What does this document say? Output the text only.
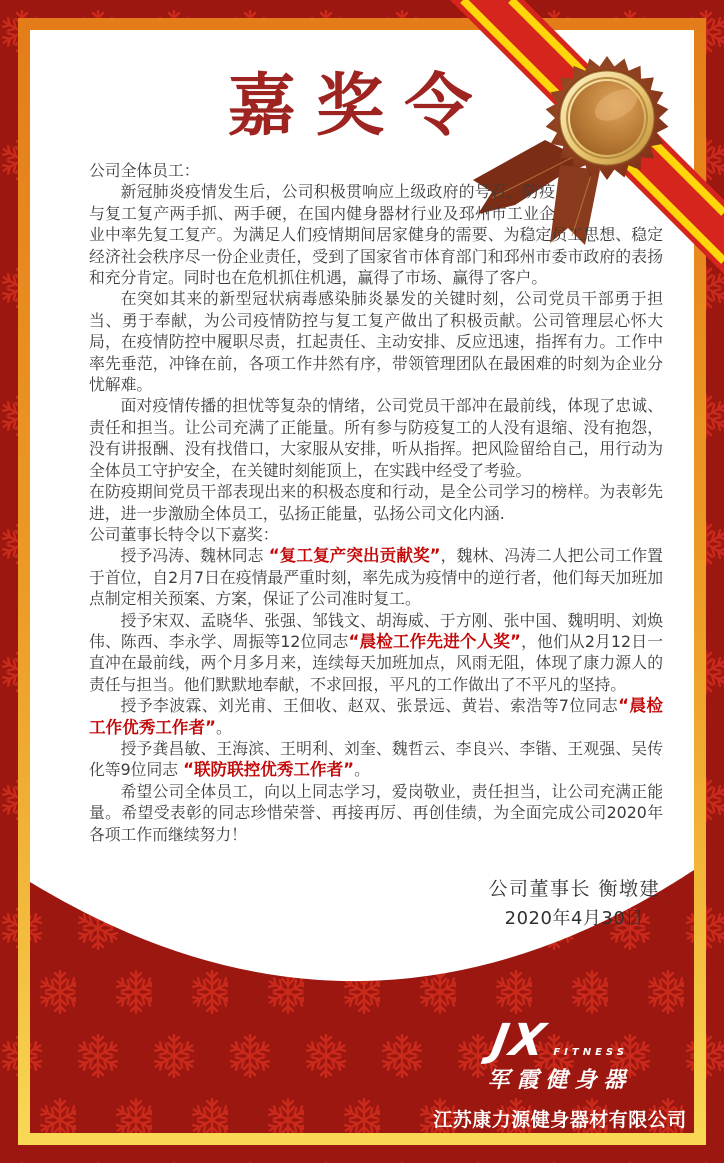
嘉奖令

公司全体员工：

新冠肺炎疫情发生后，公司积极贯响应上级政府的号召，防疫与复工复产两手抓、两手硬，在国内健身器材行业及邳州市工业企业中率先复工复产。为满足人们疫情期间居家健身的需要、为稳定员工思想、稳定经济社会秩序尽一份企业责任，受到了国家省市体育部门和邳州市委市政府的表扬和充分肯定。同时也在危机抓住机遇，赢得了市场、赢得了客户。

在突如其来的新型冠状病毒感染肺炎暴发的关键时刻，公司党员干部勇于担当、勇于奉献，为公司疫情防控与复工复产做出了积极贡献。公司管理层心怀大局，在疫情防控中履职尽责，扛起责任、主动安排、反应迅速，指挥有力。工作中率先垂范，冲锋在前，各项工作井然有序，带领管理团队在最困难的时刻为企业分忧解难。

面对疫情传播的担忧等复杂的情绪，公司党员干部冲在最前线，体现了忠诚、责任和担当。让公司充满了正能量。所有参与防疫复工的人没有退缩、没有抱怨，没有讲报酬、没有找借口，大家服从安排，听从指挥。把风险留给自己，用行动为全体员工守护安全，在关键时刻能顶上，在实践中经受了考验。

在防疫期间党员干部表现出来的积极态度和行动，是全公司学习的榜样。为表彰先进，进一步激励全体员工，弘扬正能量，弘扬公司文化内涵.

公司董事长特令以下嘉奖：

授予冯涛、魏林同志 “复工复产突出贡献奖”，魏林、冯涛二人把公司工作置于首位，自2月7日在疫情最严重时刻，率先成为疫情中的逆行者，他们每天加班加点制定相关预案、方案，保证了公司准时复工。

授予宋双、孟晓华、张强、邹钱文、胡海威、于方刚、张中国、魏明明、刘焕伟、陈西、李永学、周振等12位同志“晨检工作先进个人奖”，他们从2月12日一直冲在最前线，两个月多月来，连续每天加班加点，风雨无阻，体现了康力源人的责任与担当。他们默默地奉献，不求回报，平凡的工作做出了不平凡的坚持。

授予李波霖、刘光甫、王佃收、赵双、张景远、黄岩、索浩等7位同志“晨检工作优秀工作者”。

授予龚昌敏、王海滨、王明利、刘奎、魏哲云、李良兴、李锴、王观强、吴传化等9位同志 “联防联控优秀工作者”。

希望公司全体员工，向以上同志学习，爱岗敬业，责任担当，让公司充满正能量。希望受表彰的同志珍惜荣誉、再接再厉、再创佳绩，为全面完成公司2020年各项工作而继续努力！

公司董事长 衡墩建
2020年4月30日
JX FITNESS
军霞健身器
江苏康力源健身器材有限公司
